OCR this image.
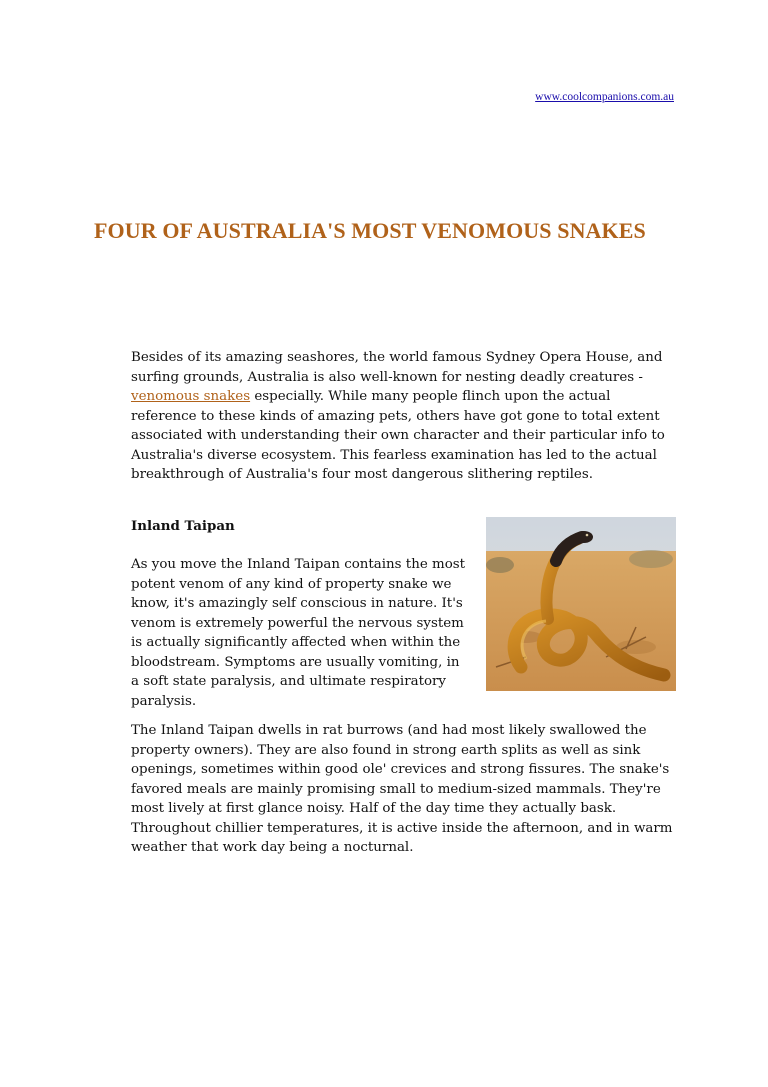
www.coolcompanions.com.au
FOUR OF AUSTRALIA'S MOST VENOMOUS SNAKES

Besides of its amazing seashores, the world famous Sydney Opera House, and surfing grounds, Australia is also well-known for nesting deadly creatures - venomous snakes especially. While many people flinch upon the actual reference to these kinds of amazing pets, others have got gone to total extent associated with understanding their own character and their particular info to Australia's diverse ecosystem. This fearless examination has led to the actual breakthrough of Australia's four most dangerous slithering reptiles.

Inland Taipan

As you move the Inland Taipan contains the most potent venom of any kind of property snake we know, it's amazingly self conscious in nature. It's venom is extremely powerful the nervous system is actually significantly affected when within the bloodstream. Symptoms are usually vomiting, in a soft state paralysis, and ultimate respiratory paralysis.

The Inland Taipan dwells in rat burrows (and had most likely swallowed the property owners). They are also found in strong earth splits as well as sink openings, sometimes within good ole' crevices and strong fissures. The snake's favored meals are mainly promising small to medium-sized mammals. They're most lively at first glance noisy. Half of the day time they actually bask. Throughout chillier temperatures, it is active inside the afternoon, and in warm weather that work day being a nocturnal.
